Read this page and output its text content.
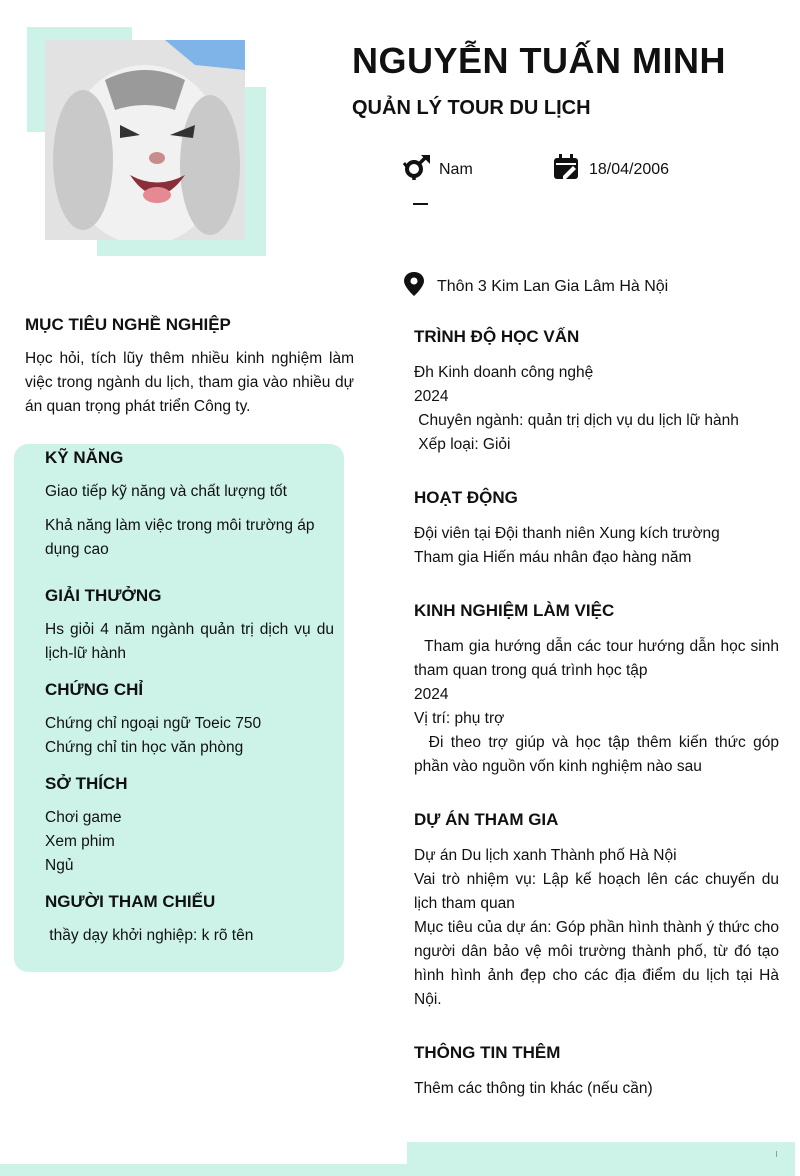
NGUYỄN TUẤN MINH
QUẢN LÝ TOUR DU LỊCH
Nam	18/04/2006
Thôn 3 Kim Lan Gia Lâm Hà Nội
MỤC TIÊU NGHỀ NGHIỆP
Học hỏi, tích lũy thêm nhiều kinh nghiệm làm việc trong ngành du lịch, tham gia vào nhiều dự án quan trọng phát triển Công ty.
KỸ NĂNG
Giao tiếp kỹ năng và chất lượng tốt
Khả năng làm việc trong môi trường áp dụng cao
GIẢI THƯỞNG
Hs giỏi 4 năm ngành quản trị dịch vụ du lịch-lữ hành
CHỨNG CHỈ
Chứng chỉ ngoại ngữ Toeic 750
Chứng chỉ tin học văn phòng
SỞ THÍCH
Chơi game
Xem phim
Ngủ
NGƯỜI THAM CHIẾU
thầy dạy khởi nghiệp: k rõ tên
TRÌNH ĐỘ HỌC VẤN
Đh Kinh doanh công nghệ
2024
Chuyên ngành: quản trị dịch vụ du lịch lữ hành
Xếp loại: Giỏi
HOẠT ĐỘNG
Đội viên tại Đội thanh niên Xung kích trường
Tham gia Hiến máu nhân đạo hàng năm
KINH NGHIỆM LÀM VIỆC
Tham gia hướng dẫn các tour hướng dẫn học sinh tham quan trong quá trình học tập
2024
Vị trí: phụ trợ
Đi theo trợ giúp và học tập thêm kiến thức góp phần vào nguồn vốn kinh nghiệm nào sau
DỰ ÁN THAM GIA
Dự án Du lịch xanh Thành phố Hà Nội
Vai trò nhiệm vụ: Lập kế hoạch lên các chuyến du lịch tham quan
Mục tiêu của dự án: Góp phần hình thành ý thức cho người dân bảo vệ môi trường thành phố, từ đó tạo hình hình ảnh đẹp cho các địa điểm du lịch tại Hà Nội.
THÔNG TIN THÊM
Thêm các thông tin khác (nếu cần)
